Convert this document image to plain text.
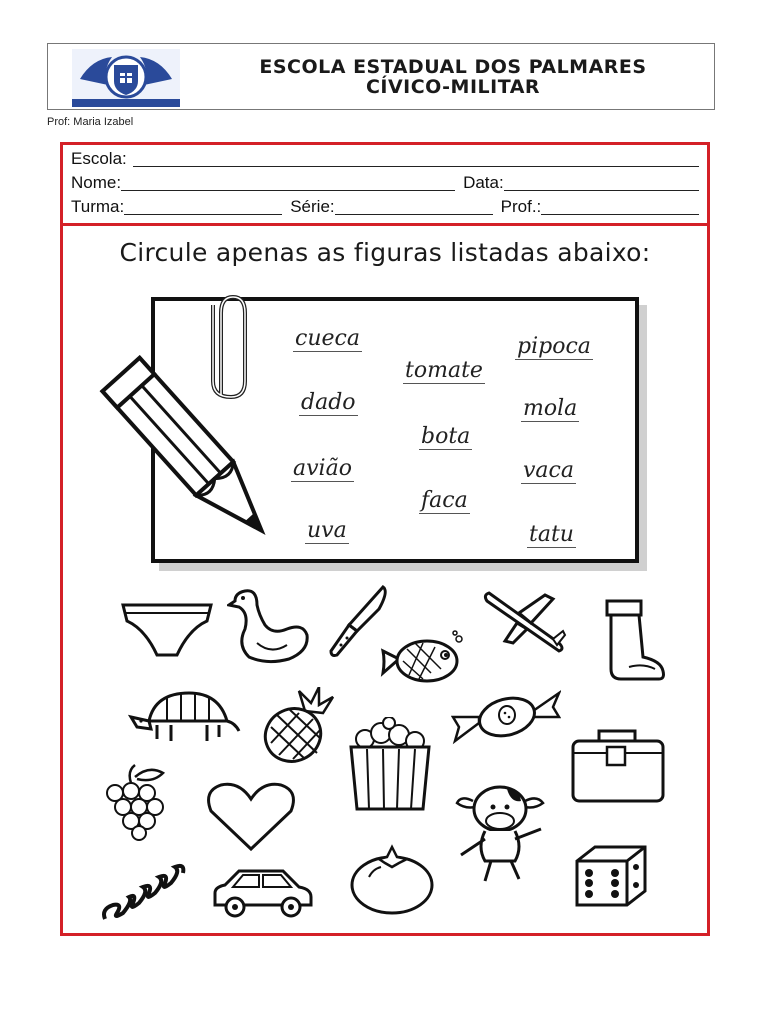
ESCOLA ESTADUAL DOS PALMARES
CÍVICO-MILITAR
Prof: Maria Izabel
Escola:
Nome:	Data:
Turma:	Série:	Prof.:
Circule apenas as figuras listadas abaixo:
cueca	pipoca
tomate
dado	mola
bota
avião	vaca
faca
uva	tatu
